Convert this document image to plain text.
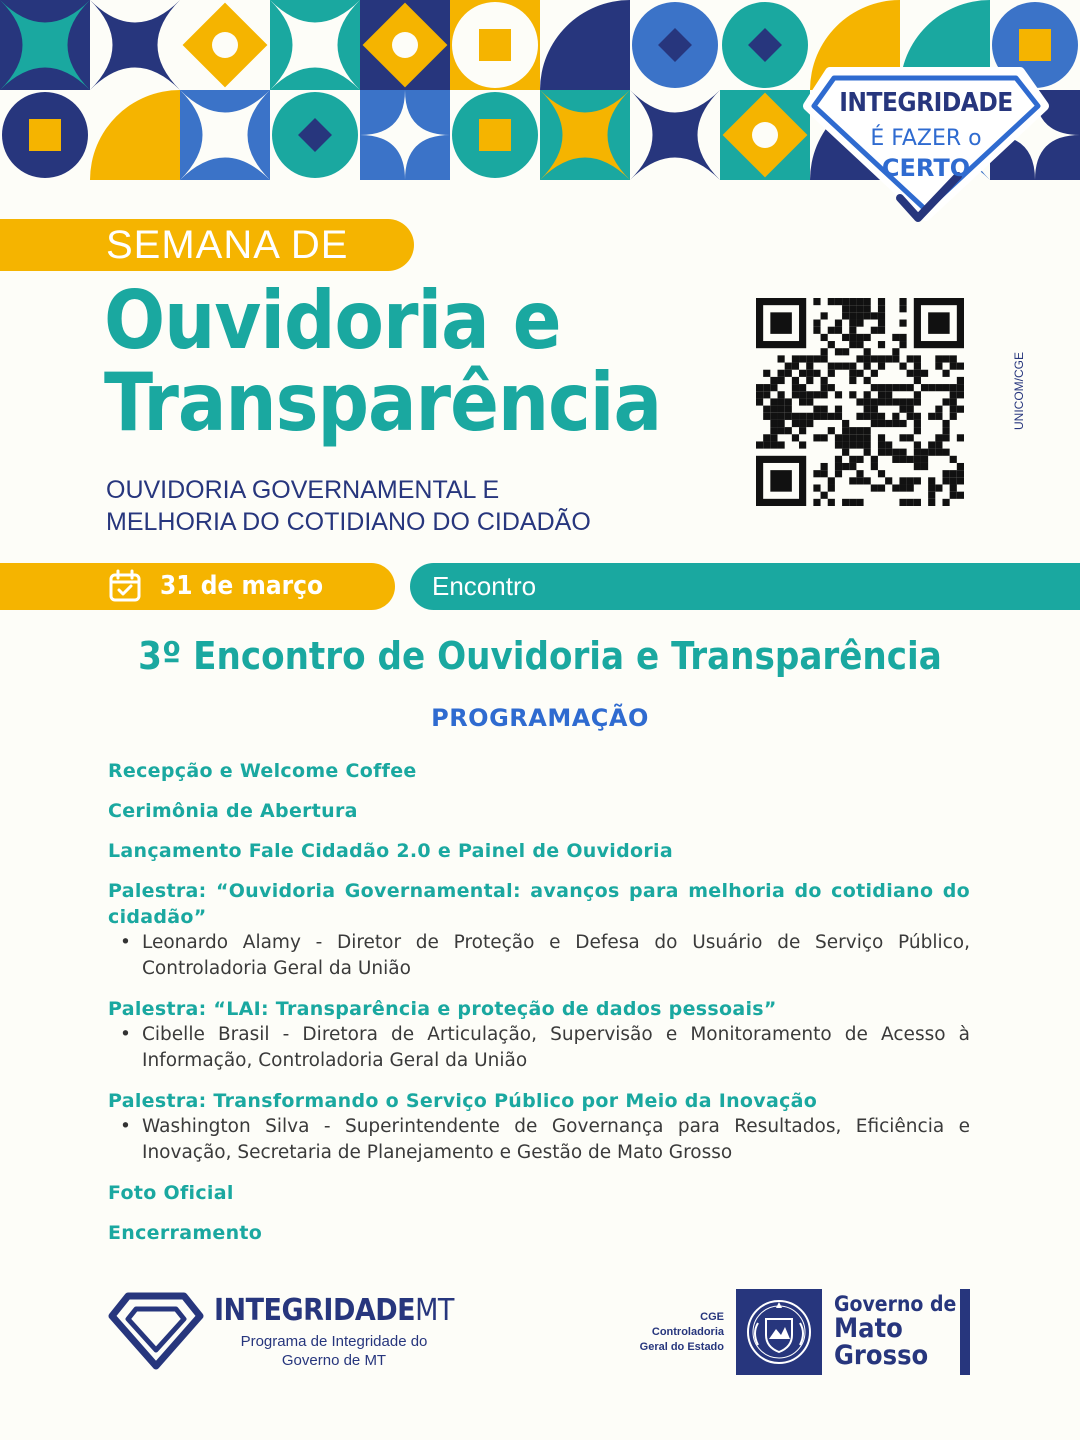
INTEGRIDADE
É FAZER o
CERTO
SEMANA DE
Ouvidoria e
Transparência
OUVIDORIA GOVERNAMENTAL E
MELHORIA DO COTIDIANO DO CIDADÃO
UNICOM/CGE
31 de março	Encontro
3º Encontro de Ouvidoria e Transparência
PROGRAMAÇÃO
Recepção e Welcome Coffee
Cerimônia de Abertura
Lançamento Fale Cidadão 2.0 e Painel de Ouvidoria
Palestra: “Ouvidoria Governamental: avanços para melhoria do cotidiano do cidadão”
• Leonardo Alamy - Diretor de Proteção e Defesa do Usuário de Serviço Público, Controladoria Geral da União
Palestra: “LAI: Transparência e proteção de dados pessoais”
• Cibelle Brasil - Diretora de Articulação, Supervisão e Monitoramento de Acesso à Informação, Controladoria Geral da União
Palestra: Transformando o Serviço Público por Meio da Inovação
• Washington Silva - Superintendente de Governança para Resultados, Eficiência e Inovação, Secretaria de Planejamento e Gestão de Mato Grosso
Foto Oficial
Encerramento
INTEGRIDADEMT
Programa de Integridade do
Governo de MT
CGE
Controladoria
Geral do Estado
Governo de
Mato
Grosso
